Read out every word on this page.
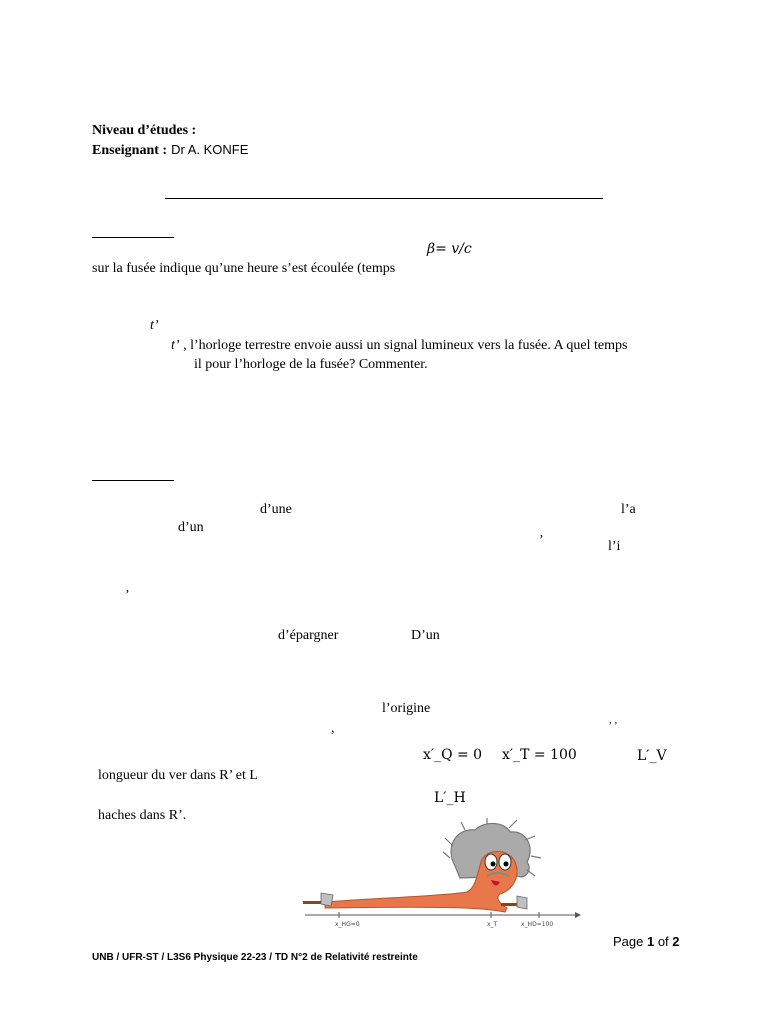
Niveau d’études :
Enseignant : Dr A. KONFE
β= v/c
sur la fusée indique qu’une heure s’est écoulée (temps
t’
t’ , l’horloge terrestre envoie aussi un signal lumineux vers la fusée. A quel temps
il pour l’horloge de la fusée? Commenter.
d’une	l’a
d’un
’	l’i
’
d’épargner	D’un
l’origine
, ,
,
x′_Q = 0 x′_T = 100	L′_V
longueur du ver dans R’ et L
L′_H
haches dans R’.
x_HG=0	x_T	x_HD=100
Page 1 of 2
UNB / UFR-ST / L3S6 Physique 22-23 / TD N°2 de Relativité restreinte
